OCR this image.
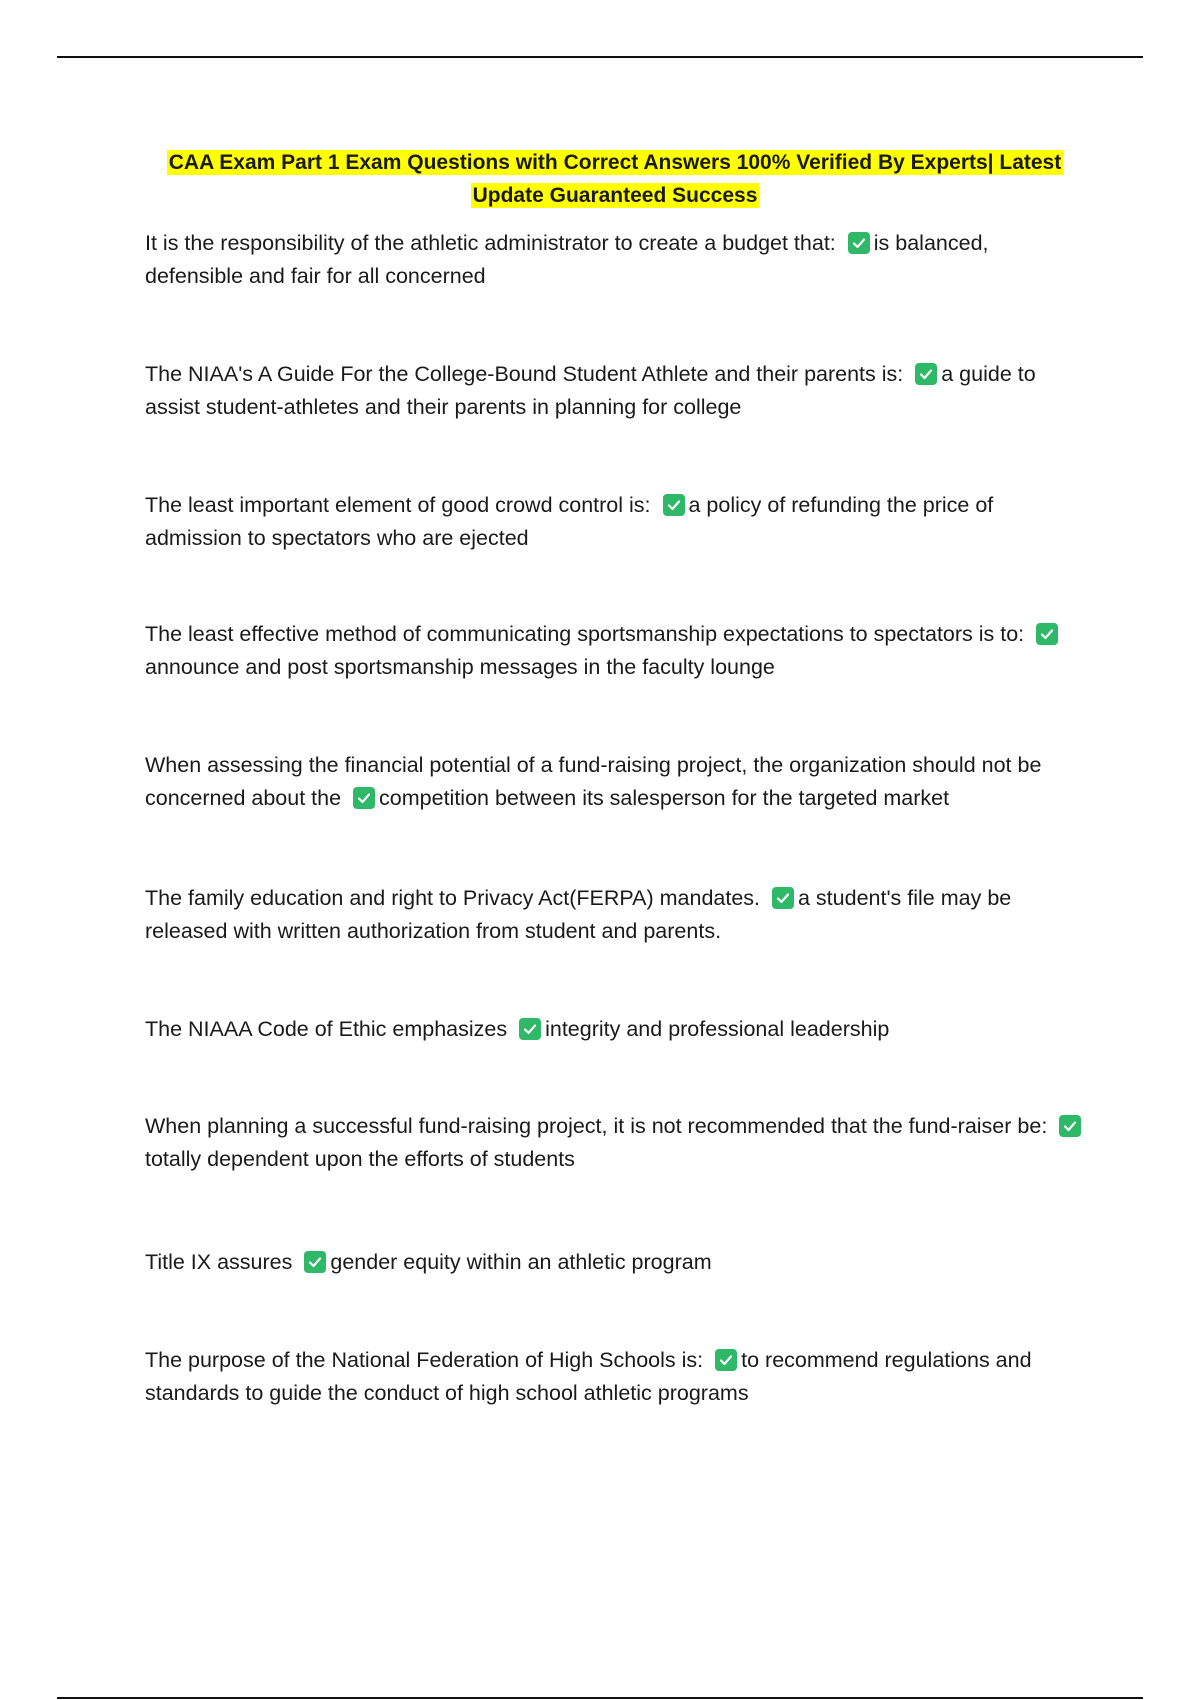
CAA Exam Part 1 Exam Questions with Correct Answers 100% Verified By Experts| Latest
Update Guaranteed Success

It is the responsibility of the athletic administrator to create a budget that: is balanced, defensible and fair for all concerned

The NIAA's A Guide For the College-Bound Student Athlete and their parents is: a guide to assist student-athletes and their parents in planning for college

The least important element of good crowd control is: a policy of refunding the price of admission to spectators who are ejected

The least effective method of communicating sportsmanship expectations to spectators is to:
announce and post sportsmanship messages in the faculty lounge

When assessing the financial potential of a fund-raising project, the organization should not be concerned about the competition between its salesperson for the targeted market

The family education and right to Privacy Act(FERPA) mandates. a student's file may be released with written authorization from student and parents.

The NIAAA Code of Ethic emphasizes integrity and professional leadership

When planning a successful fund-raising project, it is not recommended that the fund-raiser be:
totally dependent upon the efforts of students

Title IX assures gender equity within an athletic program

The purpose of the National Federation of High Schools is: to recommend regulations and standards to guide the conduct of high school athletic programs
